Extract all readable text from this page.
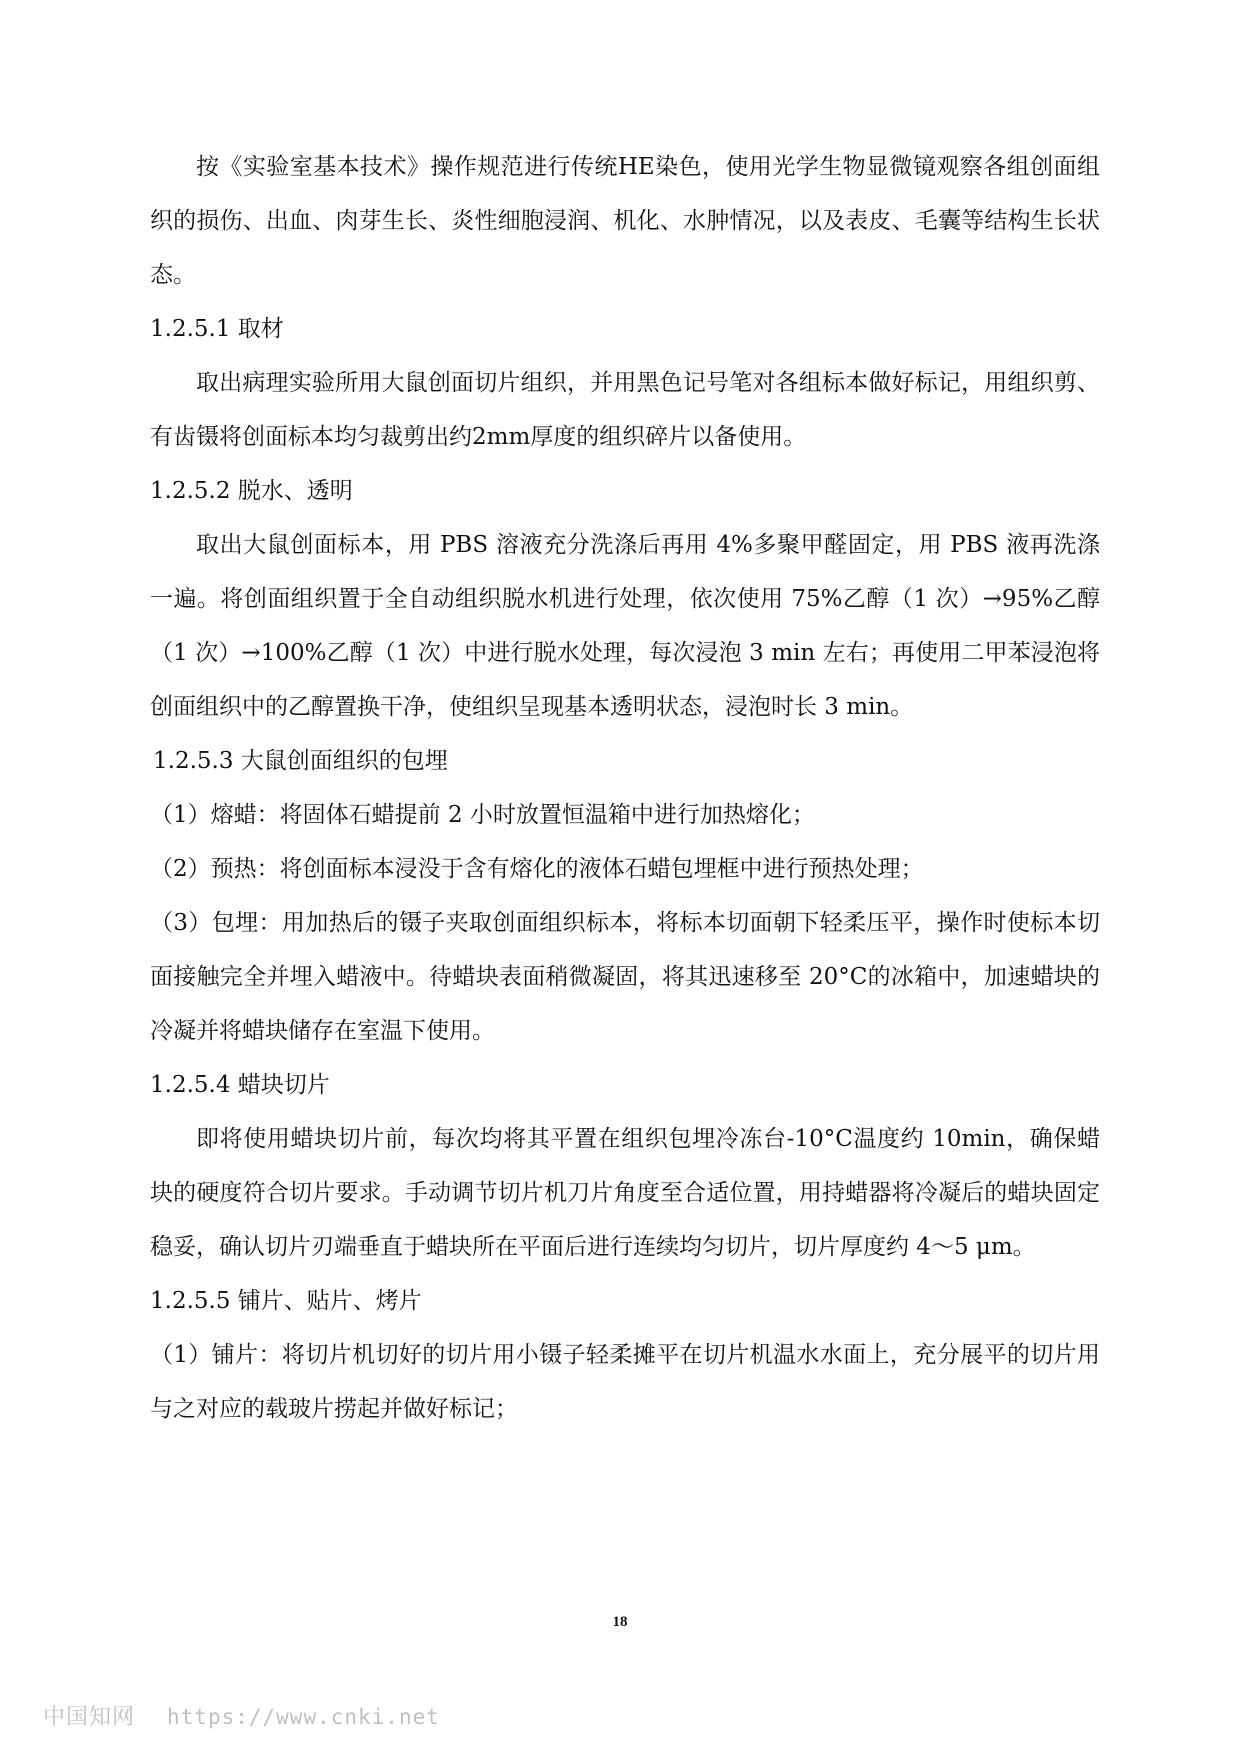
按《实验室基本技术》操作规范进行传统HE染色，使用光学生物显微镜观察各组创面组织的损伤、出血、肉芽生长、炎性细胞浸润、机化、水肿情况，以及表皮、毛囊等结构生长状态。

1.2.5.1 取材

取出病理实验所用大鼠创面切片组织，并用黑色记号笔对各组标本做好标记，用组织剪、有齿镊将创面标本均匀裁剪出约2mm厚度的组织碎片以备使用。

1.2.5.2 脱水、透明

取出大鼠创面标本，用 PBS 溶液充分洗涤后再用 4%多聚甲醛固定，用 PBS 液再洗涤一遍。将创面组织置于全自动组织脱水机进行处理，依次使用 75%乙醇（1 次）→95%乙醇（1 次）→100%乙醇（1 次）中进行脱水处理，每次浸泡 3 min 左右；再使用二甲苯浸泡将创面组织中的乙醇置换干净，使组织呈现基本透明状态，浸泡时长 3 min。

1.2.5.3 大鼠创面组织的包埋

（1）熔蜡：将固体石蜡提前 2 小时放置恒温箱中进行加热熔化；

（2）预热：将创面标本浸没于含有熔化的液体石蜡包埋框中进行预热处理；

（3）包埋：用加热后的镊子夹取创面组织标本，将标本切面朝下轻柔压平，操作时使标本切面接触完全并埋入蜡液中。待蜡块表面稍微凝固，将其迅速移至 20°C的冰箱中，加速蜡块的冷凝并将蜡块储存在室温下使用。

1.2.5.4 蜡块切片

即将使用蜡块切片前，每次均将其平置在组织包埋冷冻台-10°C温度约 10min，确保蜡块的硬度符合切片要求。手动调节切片机刀片角度至合适位置，用持蜡器将冷凝后的蜡块固定稳妥，确认切片刃端垂直于蜡块所在平面后进行连续均匀切片，切片厚度约 4～5 μm。

1.2.5.5 铺片、贴片、烤片

（1）铺片：将切片机切好的切片用小镊子轻柔摊平在切片机温水水面上，充分展平的切片用与之对应的载玻片捞起并做好标记；

18
中国知网 https://www.cnki.net
